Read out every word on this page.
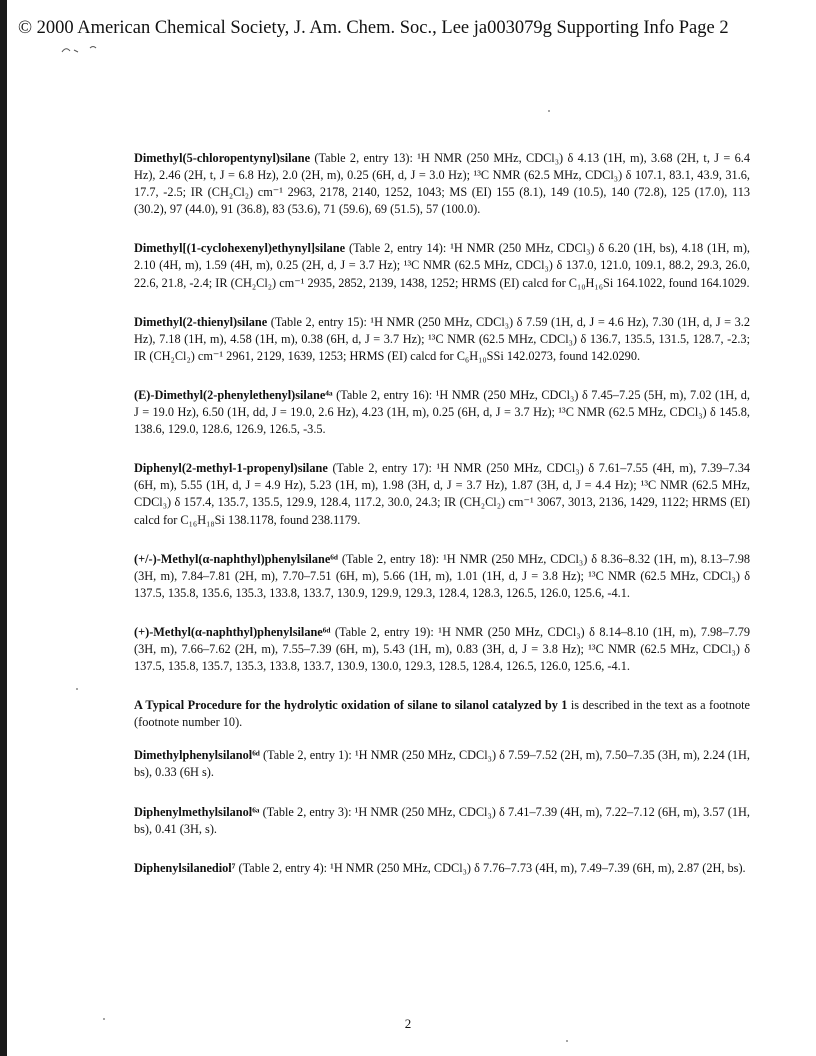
© 2000 American Chemical Society, J. Am. Chem. Soc., Lee ja003079g Supporting Info Page 2

Dimethyl(5-chloropentynyl)silane (Table 2, entry 13): ¹H NMR (250 MHz, CDCl₃) δ 4.13 (1H, m), 3.68 (2H, t, J = 6.4 Hz), 2.46 (2H, t, J = 6.8 Hz), 2.0 (2H, m), 0.25 (6H, d, J = 3.0 Hz); ¹³C NMR (62.5 MHz, CDCl₃) δ 107.1, 83.1, 43.9, 31.6, 17.7, -2.5; IR (CH₂Cl₂) cm⁻¹ 2963, 2178, 2140, 1252, 1043; MS (EI) 155 (8.1), 149 (10.5), 140 (72.8), 125 (17.0), 113 (30.2), 97 (44.0), 91 (36.8), 83 (53.6), 71 (59.6), 69 (51.5), 57 (100.0).

Dimethyl[(1-cyclohexenyl)ethynyl]silane (Table 2, entry 14): ¹H NMR (250 MHz, CDCl₃) δ 6.20 (1H, bs), 4.18 (1H, m), 2.10 (4H, m), 1.59 (4H, m), 0.25 (2H, d, J = 3.7 Hz); ¹³C NMR (62.5 MHz, CDCl₃) δ 137.0, 121.0, 109.1, 88.2, 29.3, 26.0, 22.6, 21.8, -2.4; IR (CH₂Cl₂) cm⁻¹ 2935, 2852, 2139, 1438, 1252; HRMS (EI) calcd for C₁₀H₁₆Si 164.1022, found 164.1029.

Dimethyl(2-thienyl)silane (Table 2, entry 15): ¹H NMR (250 MHz, CDCl₃) δ 7.59 (1H, d, J = 4.6 Hz), 7.30 (1H, d, J = 3.2 Hz), 7.18 (1H, m), 4.58 (1H, m), 0.38 (6H, d, J = 3.7 Hz); ¹³C NMR (62.5 MHz, CDCl₃) δ 136.7, 135.5, 131.5, 128.7, -2.3; IR (CH₂Cl₂) cm⁻¹ 2961, 2129, 1639, 1253; HRMS (EI) calcd for C₆H₁₀SSi 142.0273, found 142.0290.

(E)-Dimethyl(2-phenylethenyl)silane⁴ᵃ (Table 2, entry 16): ¹H NMR (250 MHz, CDCl₃) δ 7.45–7.25 (5H, m), 7.02 (1H, d, J = 19.0 Hz), 6.50 (1H, dd, J = 19.0, 2.6 Hz), 4.23 (1H, m), 0.25 (6H, d, J = 3.7 Hz); ¹³C NMR (62.5 MHz, CDCl₃) δ 145.8, 138.6, 129.0, 128.6, 126.9, 126.5, -3.5.

Diphenyl(2-methyl-1-propenyl)silane (Table 2, entry 17): ¹H NMR (250 MHz, CDCl₃) δ 7.61–7.55 (4H, m), 7.39–7.34 (6H, m), 5.55 (1H, d, J = 4.9 Hz), 5.23 (1H, m), 1.98 (3H, d, J = 3.7 Hz), 1.87 (3H, d, J = 4.4 Hz); ¹³C NMR (62.5 MHz, CDCl₃) δ 157.4, 135.7, 135.5, 129.9, 128.4, 117.2, 30.0, 24.3; IR (CH₂Cl₂) cm⁻¹ 3067, 3013, 2136, 1429, 1122; HRMS (EI) calcd for C₁₆H₁₈Si 138.1178, found 238.1179.

(+/-)-Methyl(α-naphthyl)phenylsilane⁶ᵈ (Table 2, entry 18): ¹H NMR (250 MHz, CDCl₃) δ 8.36–8.32 (1H, m), 8.13–7.98 (3H, m), 7.84–7.81 (2H, m), 7.70–7.51 (6H, m), 5.66 (1H, m), 1.01 (1H, d, J = 3.8 Hz); ¹³C NMR (62.5 MHz, CDCl₃) δ 137.5, 135.8, 135.6, 135.3, 133.8, 133.7, 130.9, 129.9, 129.3, 128.4, 128.3, 126.5, 126.0, 125.6, -4.1.

(+)-Methyl(α-naphthyl)phenylsilane⁶ᵈ (Table 2, entry 19): ¹H NMR (250 MHz, CDCl₃) δ 8.14–8.10 (1H, m), 7.98–7.79 (3H, m), 7.66–7.62 (2H, m), 7.55–7.39 (6H, m), 5.43 (1H, m), 0.83 (3H, d, J = 3.8 Hz); ¹³C NMR (62.5 MHz, CDCl₃) δ 137.5, 135.8, 135.7, 135.3, 133.8, 133.7, 130.9, 130.0, 129.3, 128.5, 128.4, 126.5, 126.0, 125.6, -4.1.

A Typical Procedure for the hydrolytic oxidation of silane to silanol catalyzed by 1 is described in the text as a footnote (footnote number 10).

Dimethylphenylsilanol⁶ᵈ (Table 2, entry 1): ¹H NMR (250 MHz, CDCl₃) δ 7.59–7.52 (2H, m), 7.50–7.35 (3H, m), 2.24 (1H, bs), 0.33 (6H s).

Diphenylmethylsilanol⁶ᵃ (Table 2, entry 3): ¹H NMR (250 MHz, CDCl₃) δ 7.41–7.39 (4H, m), 7.22–7.12 (6H, m), 3.57 (1H, bs), 0.41 (3H, s).

Diphenylsilanediol⁷ (Table 2, entry 4): ¹H NMR (250 MHz, CDCl₃) δ 7.76–7.73 (4H, m), 7.49–7.39 (6H, m), 2.87 (2H, bs).

2
